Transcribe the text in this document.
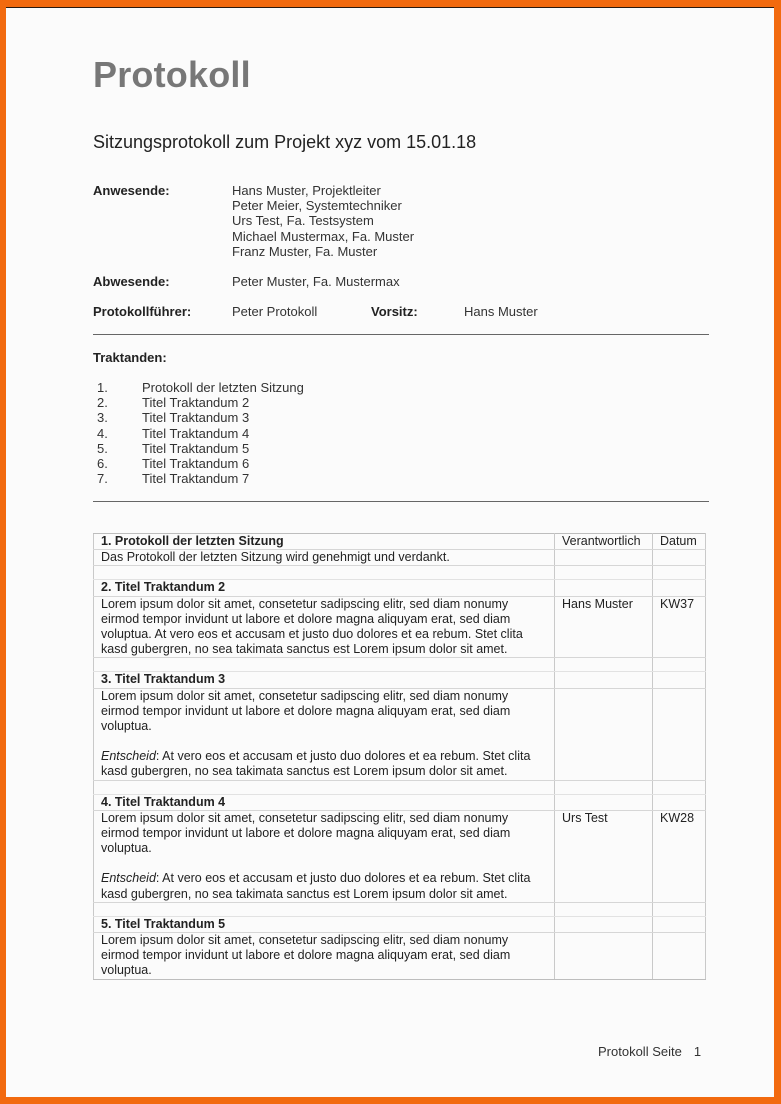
Protokoll
Sitzungsprotokoll zum Projekt xyz vom 15.01.18
Anwesende:	Hans Muster, Projektleiter
Peter Meier, Systemtechniker
Urs Test, Fa. Testsystem
Michael Mustermax, Fa. Muster
Franz Muster, Fa. Muster
Abwesende:	Peter Muster, Fa. Mustermax
Protokollführer:	Peter Protokoll	Vorsitz:	Hans Muster
Traktanden:
1.	Protokoll der letzten Sitzung
2.	Titel Traktandum 2
3.	Titel Traktandum 3
4.	Titel Traktandum 4
5.	Titel Traktandum 5
6.	Titel Traktandum 6
7.	Titel Traktandum 7
1. Protokoll der letzten Sitzung	Verantwortlich	Datum
Das Protokoll der letzten Sitzung wird genehmigt und verdankt.		

2. Titel Traktandum 2		
Lorem ipsum dolor sit amet, consetetur sadipscing elitr, sed diam nonumy eirmod tempor invidunt ut labore et dolore magna aliquyam erat, sed diam voluptua. At vero eos et accusam et justo duo dolores et ea rebum. Stet clita kasd gubergren, no sea takimata sanctus est Lorem ipsum dolor sit amet.	Hans Muster	KW37

3. Titel Traktandum 3		

Lorem ipsum dolor sit amet, consetetur sadipscing elitr, sed diam nonumy eirmod tempor invidunt ut labore et dolore magna aliquyam erat, sed diam voluptua.
Entscheid: At vero eos et accusam et justo duo dolores et ea rebum. Stet clita kasd gubergren, no sea takimata sanctus est Lorem ipsum dolor sit amet.		

4. Titel Traktandum 4		

Lorem ipsum dolor sit amet, consetetur sadipscing elitr, sed diam nonumy eirmod tempor invidunt ut labore et dolore magna aliquyam erat, sed diam voluptua.
Entscheid: At vero eos et accusam et justo duo dolores et ea rebum. Stet clita kasd gubergren, no sea takimata sanctus est Lorem ipsum dolor sit amet.	Urs Test	KW28

5. Titel Traktandum 5		
Lorem ipsum dolor sit amet, consetetur sadipscing elitr, sed diam nonumy eirmod tempor invidunt ut labore et dolore magna aliquyam erat, sed diam voluptua.		
Protokoll Seite 1
